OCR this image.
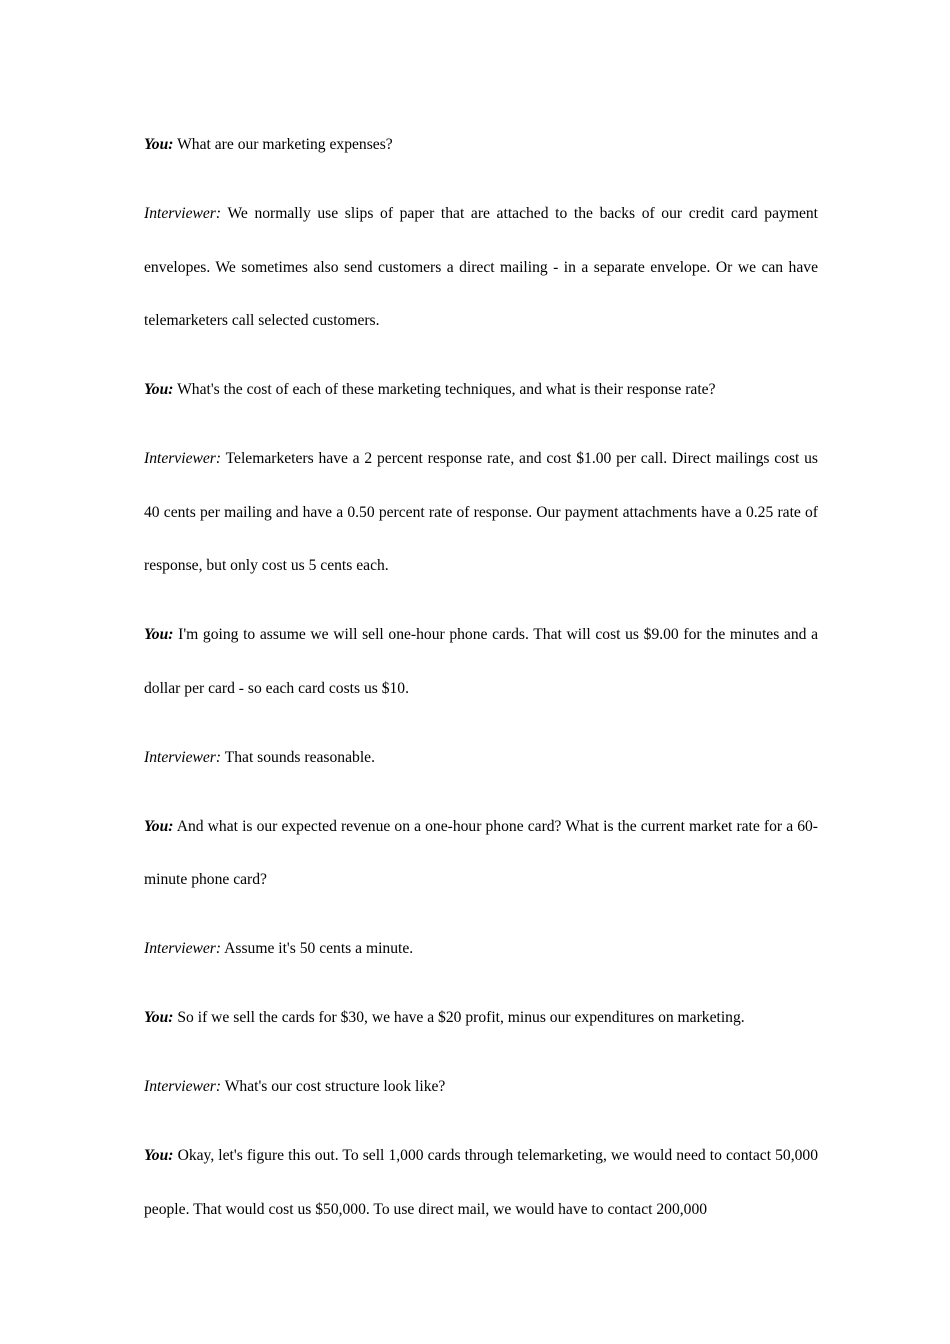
You: What are our marketing expenses?

Interviewer: We normally use slips of paper that are attached to the backs of our credit card payment envelopes. We sometimes also send customers a direct mailing - in a separate envelope. Or we can have telemarketers call selected customers.

You: What's the cost of each of these marketing techniques, and what is their response rate?

Interviewer: Telemarketers have a 2 percent response rate, and cost $1.00 per call. Direct mailings cost us 40 cents per mailing and have a 0.50 percent rate of response. Our payment attachments have a 0.25 rate of response, but only cost us 5 cents each.

You: I'm going to assume we will sell one-hour phone cards. That will cost us $9.00 for the minutes and a dollar per card - so each card costs us $10.

Interviewer: That sounds reasonable.

You: And what is our expected revenue on a one-hour phone card? What is the current market rate for a 60-minute phone card?

Interviewer: Assume it's 50 cents a minute.

You: So if we sell the cards for $30, we have a $20 profit, minus our expenditures on marketing.

Interviewer: What's our cost structure look like?

You: Okay, let's figure this out. To sell 1,000 cards through telemarketing, we would need to contact 50,000 people. That would cost us $50,000. To use direct mail, we would have to contact 200,000
